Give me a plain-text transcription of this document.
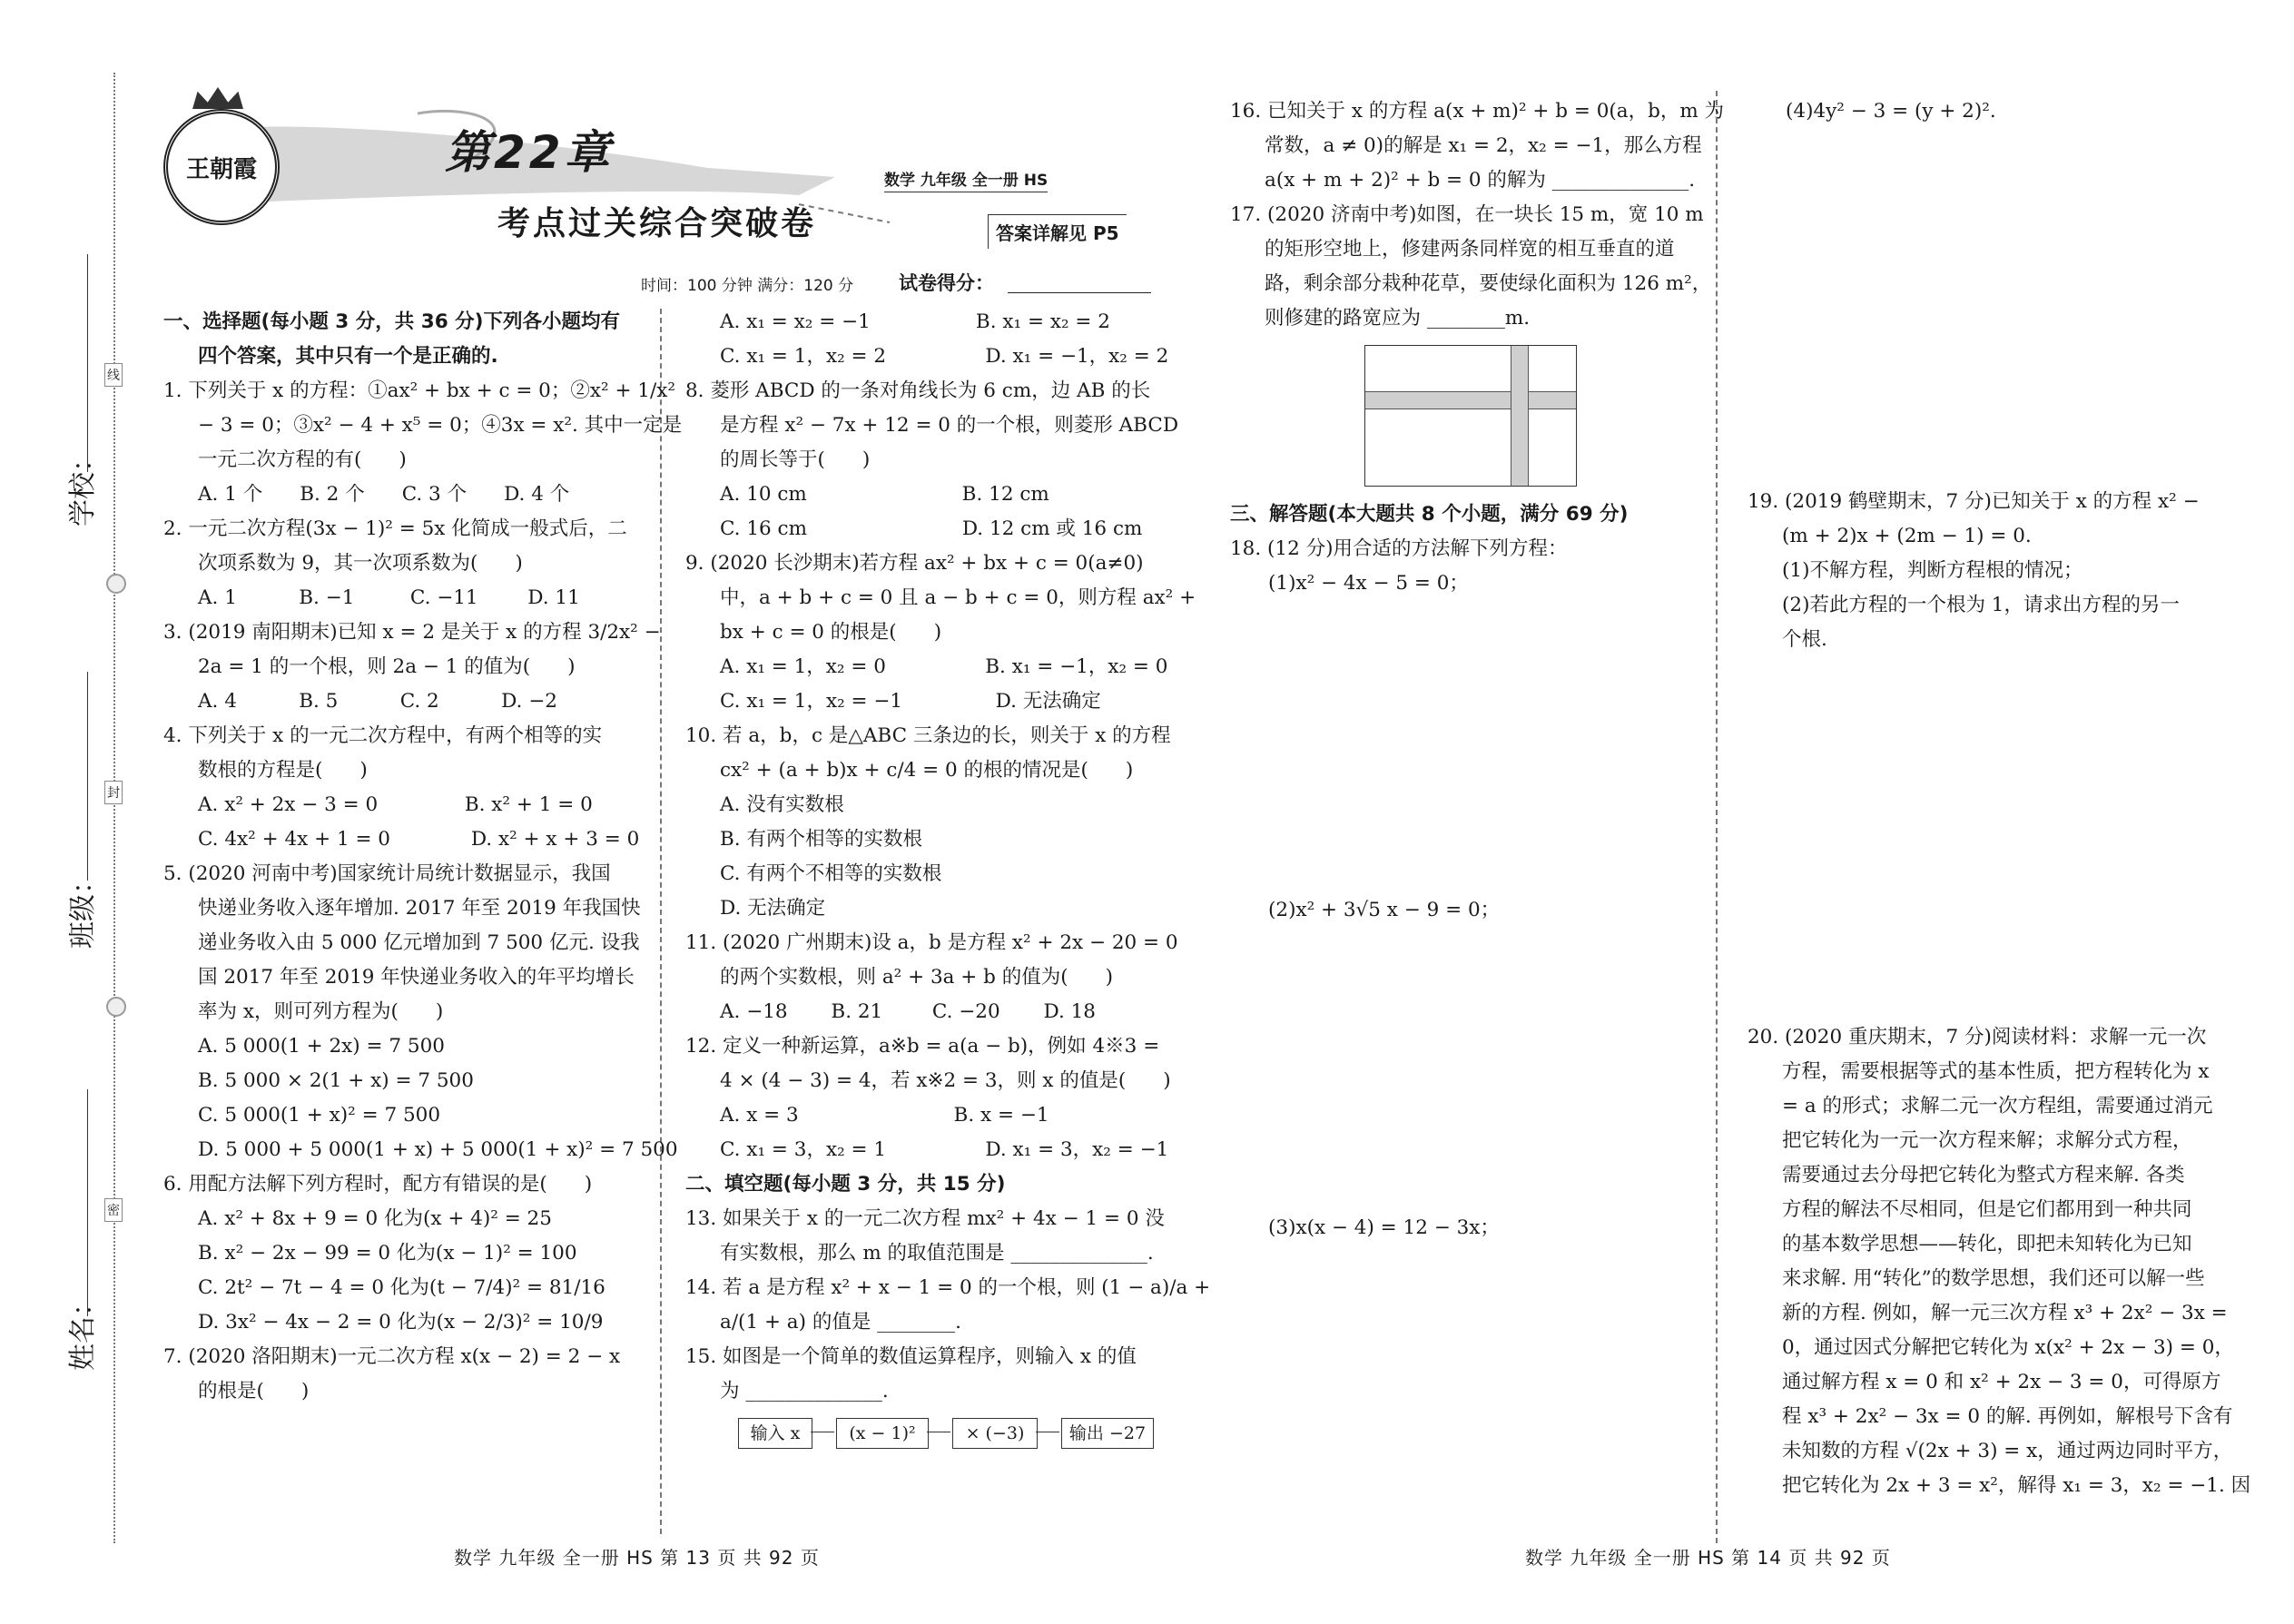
学校：
班级：
姓名：
线
封
密
王朝霞	第22章
考点过关综合突破卷
数学 九年级 全一册 HS
答案详解见 P5
时间：100 分钟 满分：120 分 试卷得分：
一、选择题(每小题 3 分，共 36 分)下列各小题均有
四个答案，其中只有一个是正确的.
1. 下列关于 x 的方程：①ax² + bx + c = 0；②x² + 1/x²
− 3 = 0；③x² − 4 + x⁵ = 0；④3x = x². 其中一定是
一元二次方程的有(      )
A. 1 个      B. 2 个      C. 3 个      D. 4 个
2. 一元二次方程(3x − 1)² = 5x 化简成一般式后，二
次项系数为 9，其一次项系数为(      )
A. 1          B. −1         C. −11        D. 11
3. (2019 南阳期末)已知 x = 2 是关于 x 的方程 3/2x² −
2a = 1 的一个根，则 2a − 1 的值为(      )
A. 4          B. 5          C. 2          D. −2
4. 下列关于 x 的一元二次方程中，有两个相等的实
数根的方程是(      )
A. x² + 2x − 3 = 0              B. x² + 1 = 0
C. 4x² + 4x + 1 = 0             D. x² + x + 3 = 0
5. (2020 河南中考)国家统计局统计数据显示，我国
快递业务收入逐年增加. 2017 年至 2019 年我国快
递业务收入由 5 000 亿元增加到 7 500 亿元. 设我
国 2017 年至 2019 年快递业务收入的年平均增长
率为 x，则可列方程为(      )
A. 5 000(1 + 2x) = 7 500
B. 5 000 × 2(1 + x) = 7 500
C. 5 000(1 + x)² = 7 500
D. 5 000 + 5 000(1 + x) + 5 000(1 + x)² = 7 500
6. 用配方法解下列方程时，配方有错误的是(      )
A. x² + 8x + 9 = 0 化为(x + 4)² = 25
B. x² − 2x − 99 = 0 化为(x − 1)² = 100
C. 2t² − 7t − 4 = 0 化为(t − 7/4)² = 81/16
D. 3x² − 4x − 2 = 0 化为(x − 2/3)² = 10/9
7. (2020 洛阳期末)一元二次方程 x(x − 2) = 2 − x
的根是(      )
A. x₁ = x₂ = −1                 B. x₁ = x₂ = 2
C. x₁ = 1，x₂ = 2                D. x₁ = −1，x₂ = 2
8. 菱形 ABCD 的一条对角线长为 6 cm，边 AB 的长
是方程 x² − 7x + 12 = 0 的一个根，则菱形 ABCD
的周长等于(      )
A. 10 cm                         B. 12 cm
C. 16 cm                         D. 12 cm 或 16 cm
9. (2020 长沙期末)若方程 ax² + bx + c = 0(a≠0)
中，a + b + c = 0 且 a − b + c = 0，则方程 ax² +
bx + c = 0 的根是(      )
A. x₁ = 1，x₂ = 0                B. x₁ = −1，x₂ = 0
C. x₁ = 1，x₂ = −1               D. 无法确定
10. 若 a，b，c 是△ABC 三条边的长，则关于 x 的方程
cx² + (a + b)x + c/4 = 0 的根的情况是(      )
A. 没有实数根
B. 有两个相等的实数根
C. 有两个不相等的实数根
D. 无法确定
11. (2020 广州期末)设 a，b 是方程 x² + 2x − 20 = 0
的两个实数根，则 a² + 3a + b 的值为(      )
A. −18       B. 21        C. −20       D. 18
12. 定义一种新运算，a※b = a(a − b)，例如 4※3 =
4 × (4 − 3) = 4，若 x※2 = 3，则 x 的值是(      )
A. x = 3                         B. x = −1
C. x₁ = 3，x₂ = 1                D. x₁ = 3，x₂ = −1
二、填空题(每小题 3 分，共 15 分)
13. 如果关于 x 的一元二次方程 mx² + 4x − 1 = 0 没
有实数根，那么 m 的取值范围是 ______________.
14. 若 a 是方程 x² + x − 1 = 0 的一个根，则 (1 − a)/a +
a/(1 + a) 的值是 ________.
15. 如图是一个简单的数值运算程序，则输入 x 的值
为 ______________.
输入 x	(x − 1)²	× (−3)	输出 −27
16. 已知关于 x 的方程 a(x + m)² + b = 0(a，b，m 为
常数，a ≠ 0)的解是 x₁ = 2，x₂ = −1，那么方程
a(x + m + 2)² + b = 0 的解为 ______________.
17. (2020 济南中考)如图，在一块长 15 m，宽 10 m
的矩形空地上，修建两条同样宽的相互垂直的道
路，剩余部分栽种花草，要使绿化面积为 126 m²，
则修建的路宽应为 ________m.
三、解答题(本大题共 8 个小题，满分 69 分)
18. (12 分)用合适的方法解下列方程：
(1)x² − 4x − 5 = 0；
(2)x² + 3√5 x − 9 = 0；
(3)x(x − 4) = 12 − 3x；
(4)4y² − 3 = (y + 2)².
19. (2019 鹤壁期末，7 分)已知关于 x 的方程 x² −
(m + 2)x + (2m − 1) = 0.
(1)不解方程，判断方程根的情况；
(2)若此方程的一个根为 1，请求出方程的另一
个根.
20. (2020 重庆期末，7 分)阅读材料：求解一元一次
方程，需要根据等式的基本性质，把方程转化为 x
= a 的形式；求解二元一次方程组，需要通过消元
把它转化为一元一次方程来解；求解分式方程，
需要通过去分母把它转化为整式方程来解. 各类
方程的解法不尽相同，但是它们都用到一种共同
的基本数学思想——转化，即把未知转化为已知
来求解. 用“转化”的数学思想，我们还可以解一些
新的方程. 例如，解一元三次方程 x³ + 2x² − 3x =
0，通过因式分解把它转化为 x(x² + 2x − 3) = 0，
通过解方程 x = 0 和 x² + 2x − 3 = 0，可得原方
程 x³ + 2x² − 3x = 0 的解. 再例如，解根号下含有
未知数的方程 √(2x + 3) = x，通过两边同时平方，
把它转化为 2x + 3 = x²，解得 x₁ = 3，x₂ = −1. 因
数学 九年级 全一册 HS 第 13 页 共 92 页	数学 九年级 全一册 HS 第 14 页 共 92 页
